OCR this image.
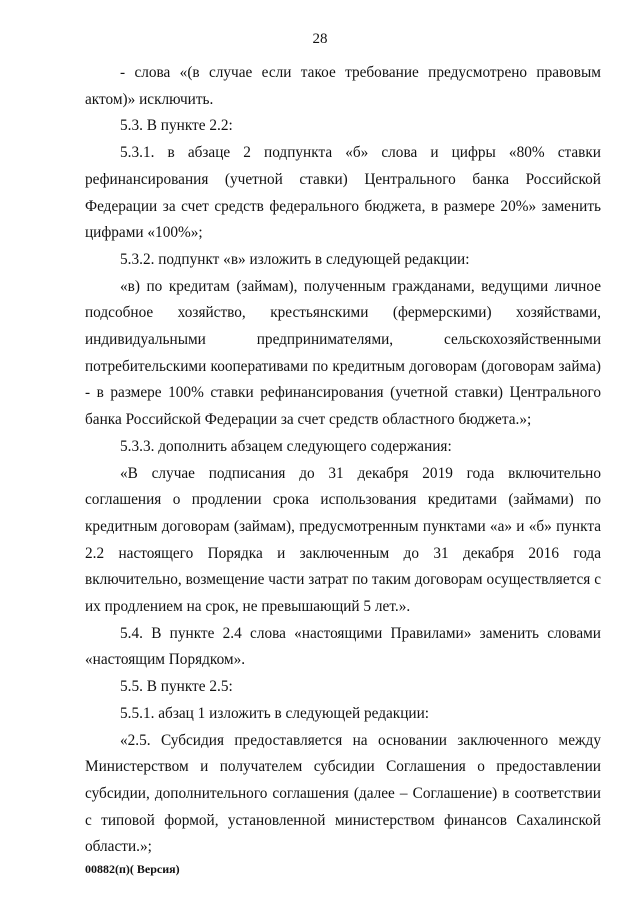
28

- слова «(в случае если такое требование предусмотрено правовым актом)» исключить.

5.3. В пункте 2.2:

5.3.1. в абзаце 2 подпункта «б» слова и цифры «80% ставки рефинансирования (учетной ставки) Центрального банка Российской Федерации за счет средств федерального бюджета, в размере 20%» заменить цифрами «100%»;

5.3.2. подпункт «в» изложить в следующей редакции:

«в) по кредитам (займам), полученным гражданами, ведущими личное подсобное хозяйство, крестьянскими (фермерскими) хозяйствами, индивидуальными предпринимателями, сельскохозяйственными потребительскими кооперативами по кредитным договорам (договорам займа) - в размере 100% ставки рефинансирования (учетной ставки) Центрального банка Российской Федерации за счет средств областного бюджета.»;

5.3.3. дополнить абзацем следующего содержания:

«В случае подписания до 31 декабря 2019 года включительно соглашения о продлении срока использования кредитами (займами) по кредитным договорам (займам), предусмотренным пунктами «а» и «б» пункта 2.2 настоящего Порядка и заключенным до 31 декабря 2016 года включительно, возмещение части затрат по таким договорам осуществляется с их продлением на срок, не превышающий 5 лет.».

5.4. В пункте 2.4 слова «настоящими Правилами» заменить словами «настоящим Порядком».

5.5. В пункте 2.5:

5.5.1. абзац 1 изложить в следующей редакции:

«2.5. Субсидия предоставляется на основании заключенного между Министерством и получателем субсидии Соглашения о предоставлении субсидии, дополнительного соглашения (далее – Соглашение) в соответствии с типовой формой, установленной министерством финансов Сахалинской области.»;

00882(п)( Версия)
